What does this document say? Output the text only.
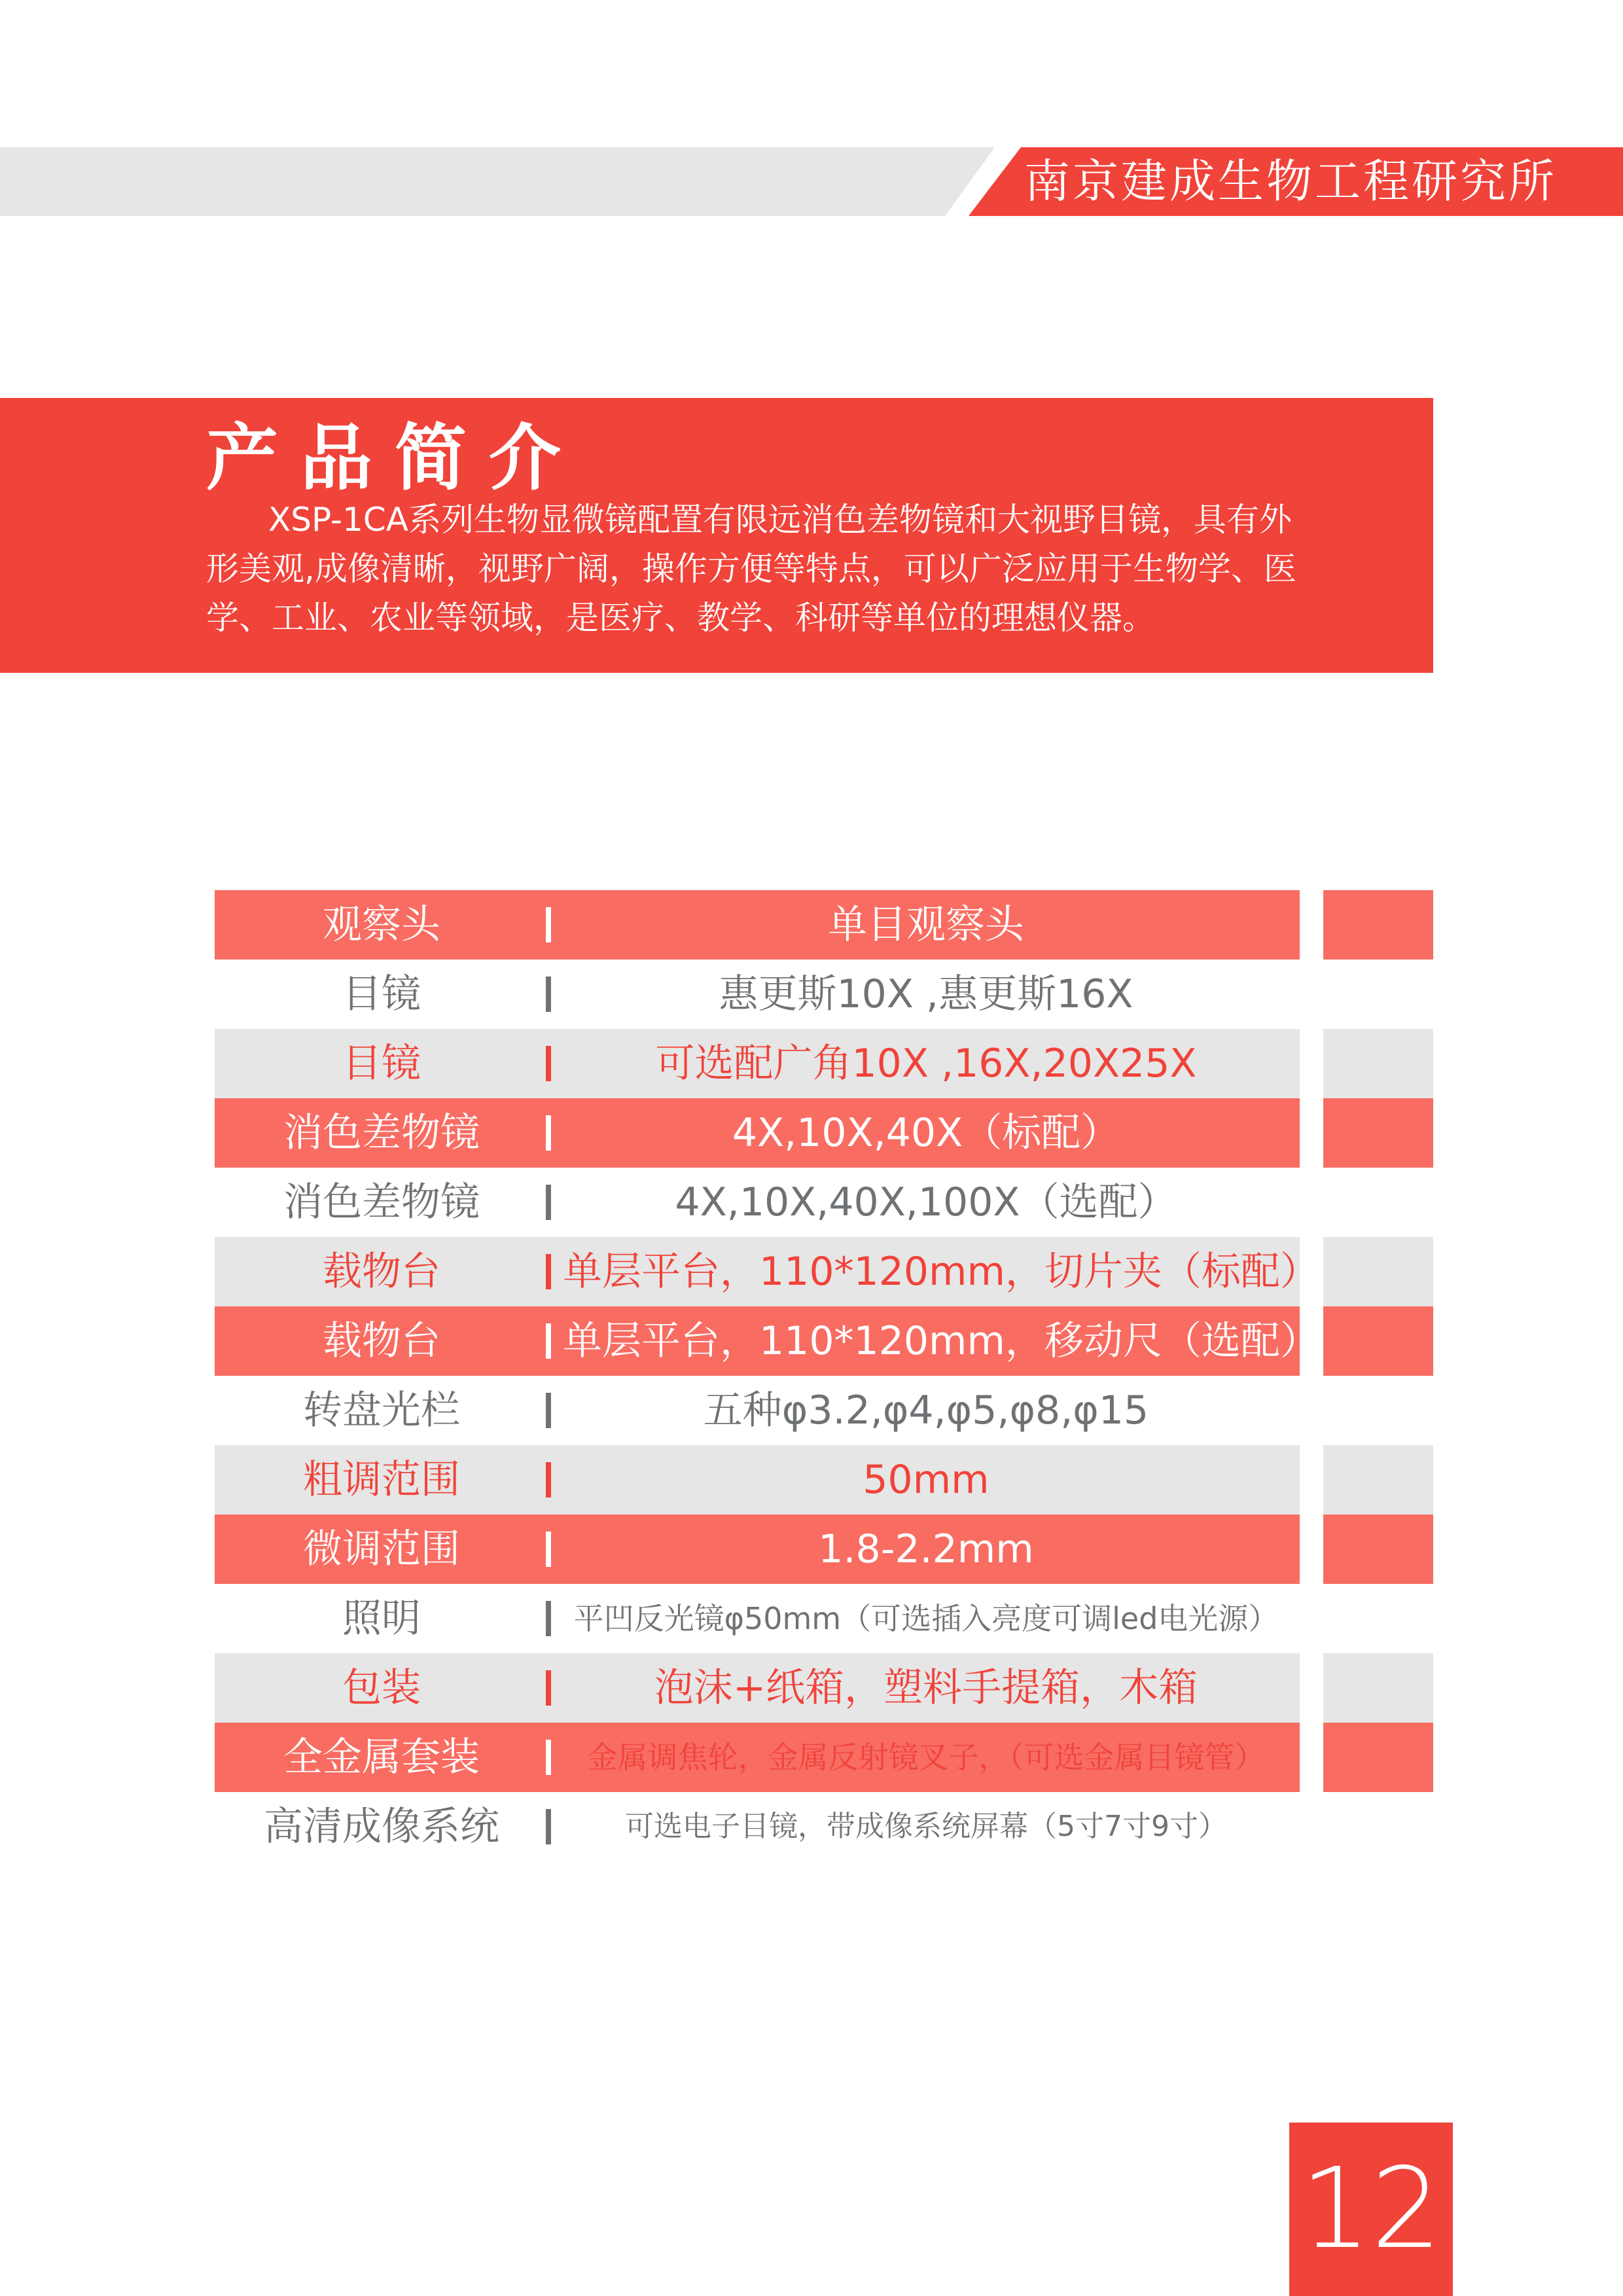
南京建成生物工程研究所
产品简介
XSP-1CA系列生物显微镜配置有限远消色差物镜和大视野目镜，具有外
形美观,成像清晰，视野广阔，操作方便等特点，可以广泛应用于生物学、医
学、工业、农业等领域，是医疗、教学、科研等单位的理想仪器。
观察头	单目观察头
目镜	惠更斯10X ,惠更斯16X
目镜	可选配广角10X ,16X,20X25X
消色差物镜	4X,10X,40X（标配）
消色差物镜	4X,10X,40X,100X（选配）
载物台	单层平台，110*120mm，切片夹（标配）
载物台	单层平台，110*120mm，移动尺（选配）
转盘光栏	五种φ3.2,φ4,φ5,φ8,φ15
粗调范围	50mm
微调范围	1.8-2.2mm
照明	平凹反光镜φ50mm（可选插入亮度可调led电光源）
包装	泡沫+纸箱，塑料手提箱，木箱
全金属套装	金属调焦轮，金属反射镜叉子，（可选金属目镜管）
高清成像系统	可选电子目镜，带成像系统屏幕（5寸7寸9寸）
12
